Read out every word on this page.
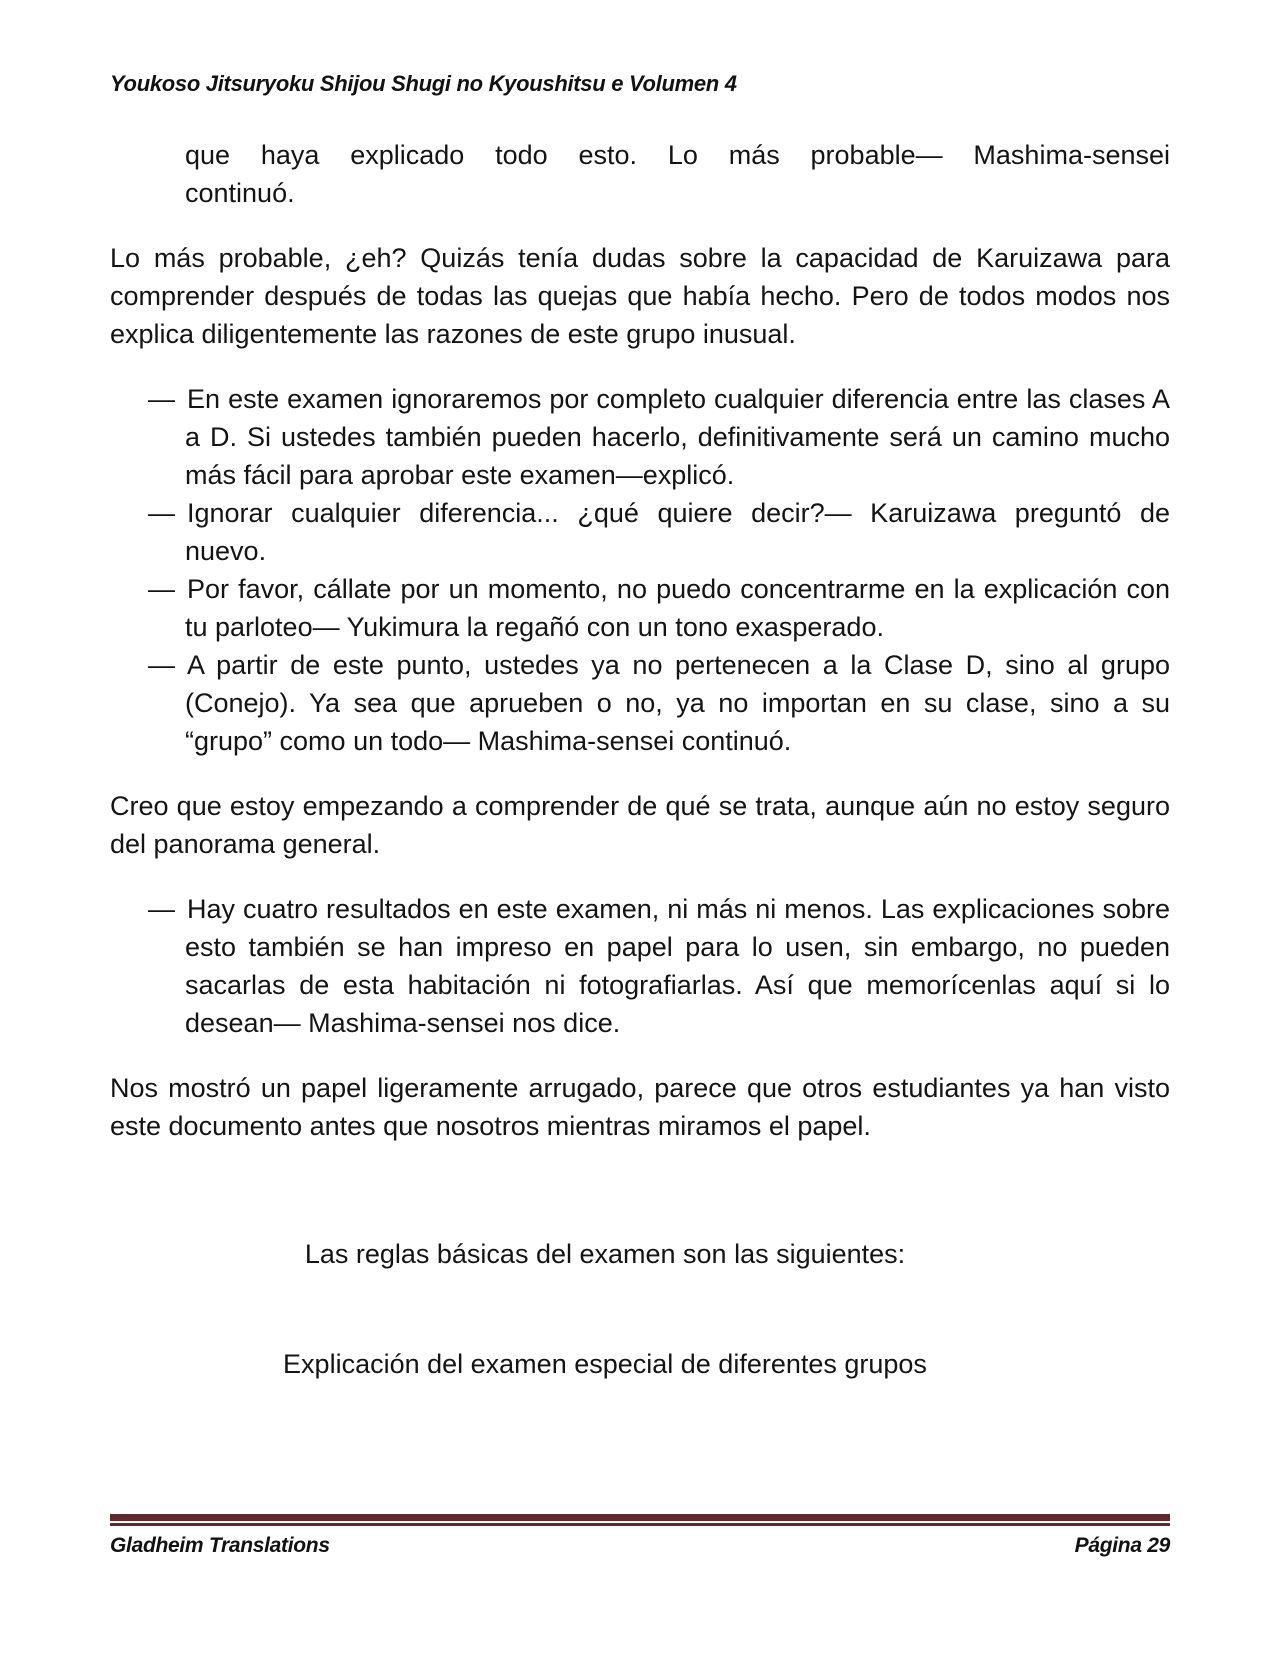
Youkoso Jitsuryoku Shijou Shugi no Kyoushitsu e Volumen 4

que haya explicado todo esto. Lo más probable— Mashima-sensei
continuó.

Lo más probable, ¿eh? Quizás tenía dudas sobre la capacidad de Karuizawa para comprender después de todas las quejas que había hecho. Pero de todos modos nos explica diligentemente las razones de este grupo inusual.

— En este examen ignoraremos por completo cualquier diferencia entre las clases A a D. Si ustedes también pueden hacerlo, definitivamente será un camino mucho más fácil para aprobar este examen—explicó.

— Ignorar cualquier diferencia... ¿qué quiere decir?— Karuizawa preguntó de nuevo.

— Por favor, cállate por un momento, no puedo concentrarme en la explicación con tu parloteo— Yukimura la regañó con un tono exasperado.

— A partir de este punto, ustedes ya no pertenecen a la Clase D, sino al grupo (Conejo). Ya sea que aprueben o no, ya no importan en su clase, sino a su “grupo” como un todo— Mashima-sensei continuó.

Creo que estoy empezando a comprender de qué se trata, aunque aún no estoy seguro del panorama general.

— Hay cuatro resultados en este examen, ni más ni menos. Las explicaciones sobre esto también se han impreso en papel para lo usen, sin embargo, no pueden sacarlas de esta habitación ni fotografiarlas. Así que memorícenlas aquí si lo desean— Mashima-sensei nos dice.

Nos mostró un papel ligeramente arrugado, parece que otros estudiantes ya han visto este documento antes que nosotros mientras miramos el papel.

Las reglas básicas del examen son las siguientes:

Explicación del examen especial de diferentes grupos

Gladheim Translations	Página 29
